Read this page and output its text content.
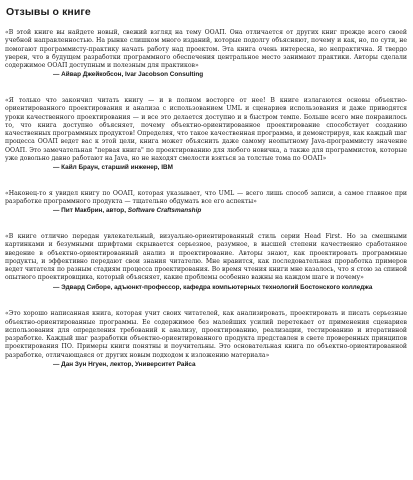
Отзывы о книге

«В этой книге вы найдете новый, свежий взгляд на тему ООАП. Она отличается от других книг прежде всего своей учебной направленностью. На рынке слишком много изданий, которые подолгу объясняют, почему и как, но, по сути, не помогают программисту-практику начать работу над проектом. Эта книга очень интересна, но непрактична. Я твердо уверен, что в будущем разработки программного обеспечения центральное место занимают практики. Авторы сделали содержимое ООАП доступным и полезным для практиков»

— Айвар Джейкобсон, Ivar Jacobson Consulting

«Я только что закончил читать книгу — и в полном восторге от нее! В книге излагаются основы объектно-ориентированного проектирования и анализа с использованием UML и сценариев использования и даже приводятся уроки качественного проектирования — и все это делается доступно и в быстром темпе. Больше всего мне понравилось то, что книга доступно объясняет, почему объектно-ориентированное проектирование способствует созданию качественных программных продуктов! Определяя, что такое качественная программа, и демонстрируя, как каждый шаг процесса ООАП ведет вас к этой цели, книга может объяснить даже самому неопытному Java-программисту значение ООАП. Это замечательная "первая книга" по проектированию для любого новичка, а также для программистов, которые уже довольно давно работают на Java, но не находят смелости взяться за толстые тома по ООАП»

— Кайл Браун, старший инженер, IBM

«Наконец-то я увидел книгу по ООАП, которая указывает, что UML — всего лишь способ записи, а самое главное при разработке программного продукта — тщательно обдумать все его аспекты»

— Пит Макбрин, автор, Software Craftsmanship

«В книге отлично передан увлекательный, визуально-ориентированный стиль серии Head First. Но за смешными картинками и безумными шрифтами скрывается серьезное, разумное, в высшей степени качественно сработанное введение в объектно-ориентированный анализ и проектирование. Авторы знают, как проектировать программные продукты, и эффективно передают свои знания читателю. Мне нравится, как последовательная проработка примеров ведет читателя по разным стадиям процесса проектирования. Во время чтения книги мне казалось, что я стою за спиной опытного проектировщика, который объясняет, какие проблемы особенно важны на каждом шаге и почему»

— Эдвард Сиборе, адъюнкт-профессор, кафедра компьютерных технологий Бостонского колледжа

«Это хорошо написанная книга, которая учит своих читателей, как анализировать, проектировать и писать серьезные объектно-ориентированные программы. Ее содержимое без малейших усилий перетекает от применения сценариев использования для определения требований к анализу, проектированию, реализации, тестированию и итеративной разработке. Каждый шаг разработки объектно-ориентированного продукта представлен в свете проверенных принципов проектирования ПО. Примеры книги понятны и поучительны. Это основательная книга по объектно-ориентированной разработке, отличающаяся от других новым подходом к изложению материала»

— Дан Зун Нгуен, лектор, Университет Райса
